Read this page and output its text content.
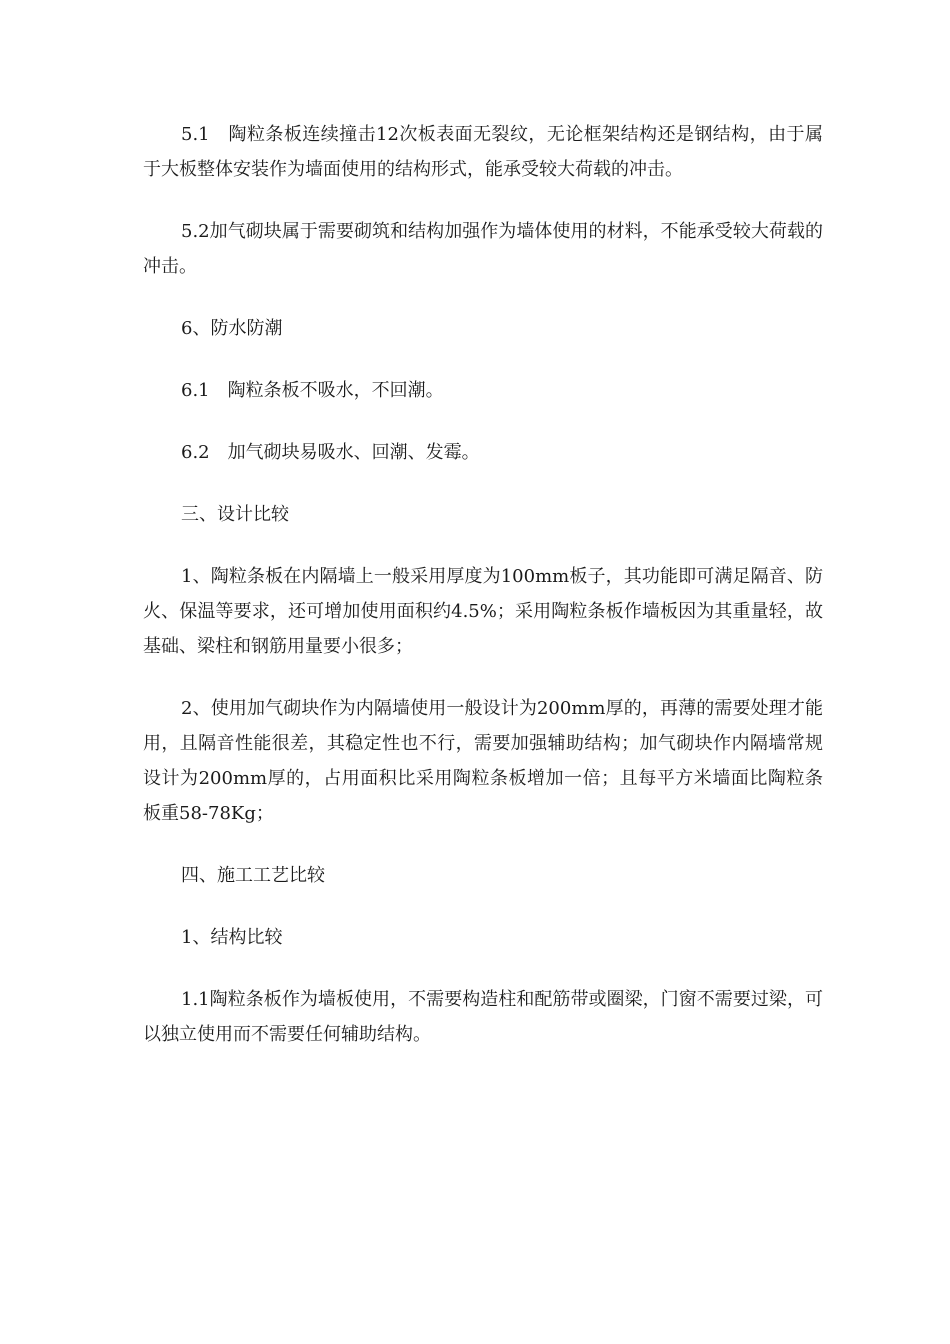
5.1　陶粒条板连续撞击12次板表面无裂纹，无论框架结构还是钢结构，由于属于大板整体安装作为墙面使用的结构形式，能承受较大荷载的冲击。

5.2加气砌块属于需要砌筑和结构加强作为墙体使用的材料，不能承受较大荷载的冲击。

6、防水防潮

6.1　陶粒条板不吸水，不回潮。

6.2　加气砌块易吸水、回潮、发霉。

三、设计比较

1、陶粒条板在内隔墙上一般采用厚度为100mm板子，其功能即可满足隔音、防火、保温等要求，还可增加使用面积约4.5%；采用陶粒条板作墙板因为其重量轻，故基础、梁柱和钢筋用量要小很多；

2、使用加气砌块作为内隔墙使用一般设计为200mm厚的，再薄的需要处理才能用，且隔音性能很差，其稳定性也不行，需要加强辅助结构；加气砌块作内隔墙常规设计为200mm厚的，占用面积比采用陶粒条板增加一倍；且每平方米墙面比陶粒条板重58-78Kg；

四、施工工艺比较

1、结构比较

1.1陶粒条板作为墙板使用，不需要构造柱和配筋带或圈梁，门窗不需要过梁，可以独立使用而不需要任何辅助结构。
